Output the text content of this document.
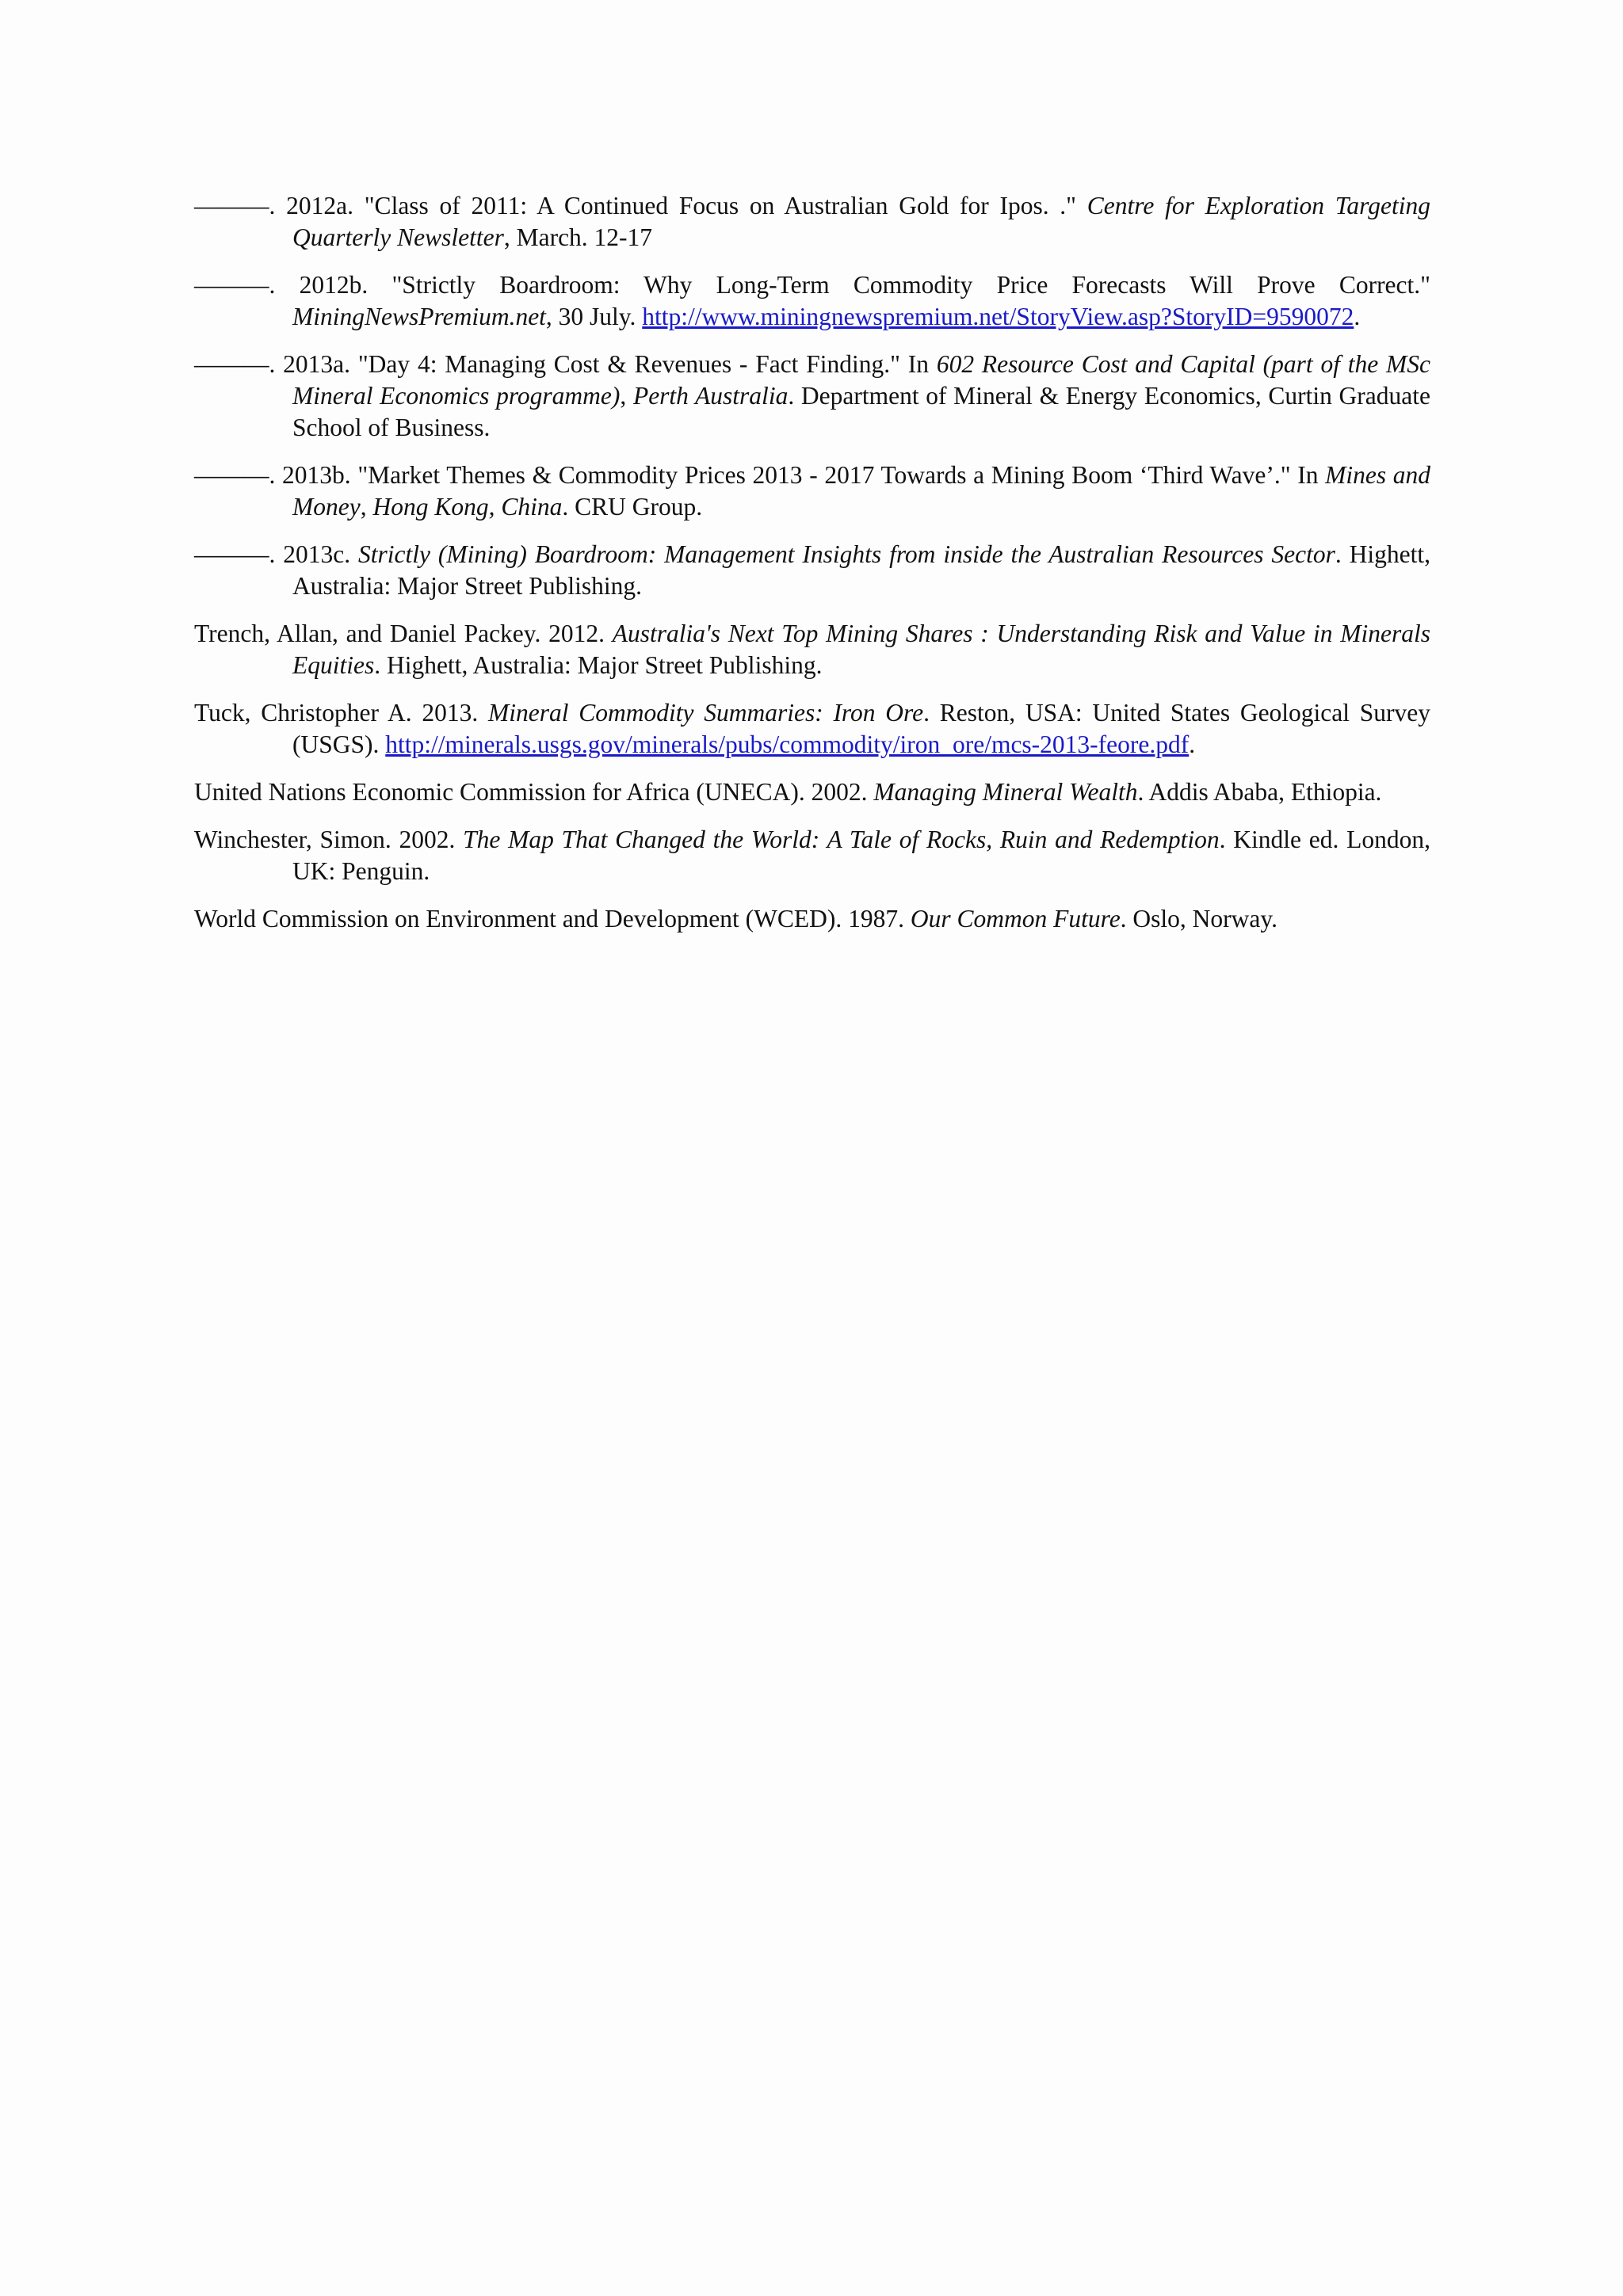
———. 2012a. "Class of 2011: A Continued Focus on Australian Gold for Ipos. ." Centre for Exploration Targeting Quarterly Newsletter, March. 12-17

———. 2012b. "Strictly Boardroom: Why Long-Term Commodity Price Forecasts Will Prove Correct." MiningNewsPremium.net, 30 July. http://www.miningnewspremium.net/StoryView.asp?StoryID=9590072.

———. 2013a. "Day 4: Managing Cost & Revenues - Fact Finding." In 602 Resource Cost and Capital (part of the MSc Mineral Economics programme), Perth Australia. Department of Mineral & Energy Economics, Curtin Graduate School of Business.

———. 2013b. "Market Themes & Commodity Prices 2013 - 2017 Towards a Mining Boom ‘Third Wave’." In Mines and Money, Hong Kong, China. CRU Group.

———. 2013c. Strictly (Mining) Boardroom: Management Insights from inside the Australian Resources Sector. Highett, Australia: Major Street Publishing.

Trench, Allan, and Daniel Packey. 2012. Australia's Next Top Mining Shares : Understanding Risk and Value in Minerals Equities. Highett, Australia: Major Street Publishing.

Tuck, Christopher A. 2013. Mineral Commodity Summaries: Iron Ore. Reston, USA: United States Geological Survey (USGS). http://minerals.usgs.gov/minerals/pubs/commodity/iron_ore/mcs-2013-feore.pdf.

United Nations Economic Commission for Africa (UNECA). 2002. Managing Mineral Wealth. Addis Ababa, Ethiopia.

Winchester, Simon. 2002. The Map That Changed the World: A Tale of Rocks, Ruin and Redemption. Kindle ed. London, UK: Penguin.

World Commission on Environment and Development (WCED). 1987. Our Common Future. Oslo, Norway.
